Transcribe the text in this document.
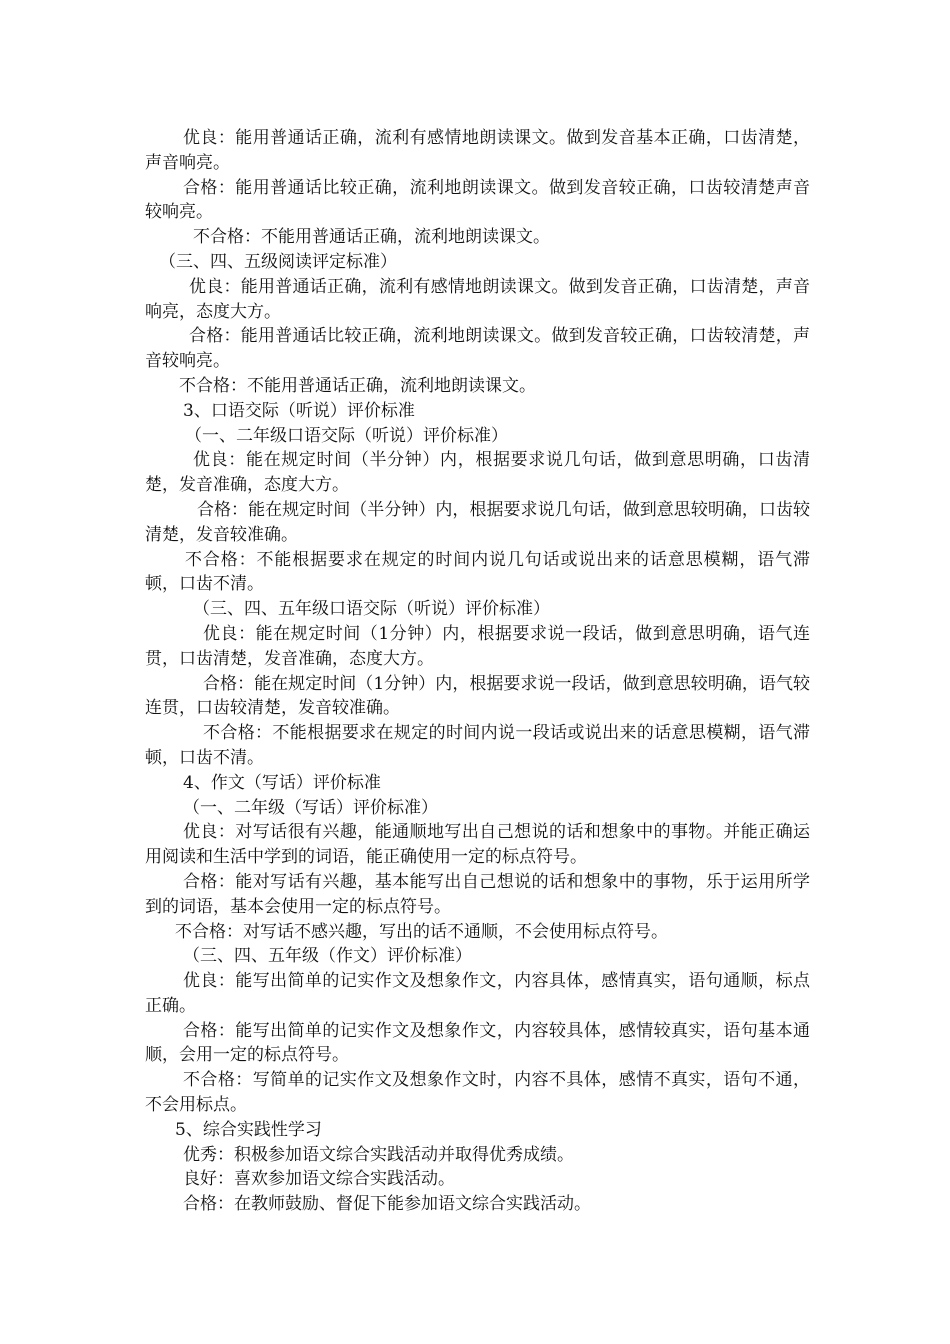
优良：能用普通话正确，流利有感情地朗读课文。做到发音基本正确，口齿清楚，声音响亮。

合格：能用普通话比较正确，流利地朗读课文。做到发音较正确，口齿较清楚声音较响亮。

不合格：不能用普通话正确，流利地朗读课文。

（三、四、五级阅读评定标准）

优良：能用普通话正确，流利有感情地朗读课文。做到发音正确，口齿清楚，声音响亮，态度大方。

合格：能用普通话比较正确，流利地朗读课文。做到发音较正确，口齿较清楚，声音较响亮。

不合格：不能用普通话正确，流利地朗读课文。

3、口语交际（听说）评价标准

（一、二年级口语交际（听说）评价标准）

优良：能在规定时间（半分钟）内，根据要求说几句话，做到意思明确，口齿清楚，发音准确，态度大方。

合格：能在规定时间（半分钟）内，根据要求说几句话，做到意思较明确，口齿较清楚，发音较准确。

不合格：不能根据要求在规定的时间内说几句话或说出来的话意思模糊，语气滞顿，口齿不清。

（三、四、五年级口语交际（听说）评价标准）

优良：能在规定时间（1分钟）内，根据要求说一段话，做到意思明确，语气连贯，口齿清楚，发音准确，态度大方。

合格：能在规定时间（1分钟）内，根据要求说一段话，做到意思较明确，语气较连贯，口齿较清楚，发音较准确。

不合格：不能根据要求在规定的时间内说一段话或说出来的话意思模糊，语气滞顿，口齿不清。

4、作文（写话）评价标准

（一、二年级（写话）评价标准）

优良：对写话很有兴趣，能通顺地写出自己想说的话和想象中的事物。并能正确运用阅读和生活中学到的词语，能正确使用一定的标点符号。

合格：能对写话有兴趣，基本能写出自己想说的话和想象中的事物，乐于运用所学到的词语，基本会使用一定的标点符号。

不合格：对写话不感兴趣，写出的话不通顺，不会使用标点符号。

（三、四、五年级（作文）评价标准）

优良：能写出简单的记实作文及想象作文，内容具体，感情真实，语句通顺，标点正确。

合格：能写出简单的记实作文及想象作文，内容较具体，感情较真实，语句基本通顺，会用一定的标点符号。

不合格：写简单的记实作文及想象作文时，内容不具体，感情不真实，语句不通，不会用标点。

5、综合实践性学习

优秀：积极参加语文综合实践活动并取得优秀成绩。

良好：喜欢参加语文综合实践活动。

合格：在教师鼓励、督促下能参加语文综合实践活动。
